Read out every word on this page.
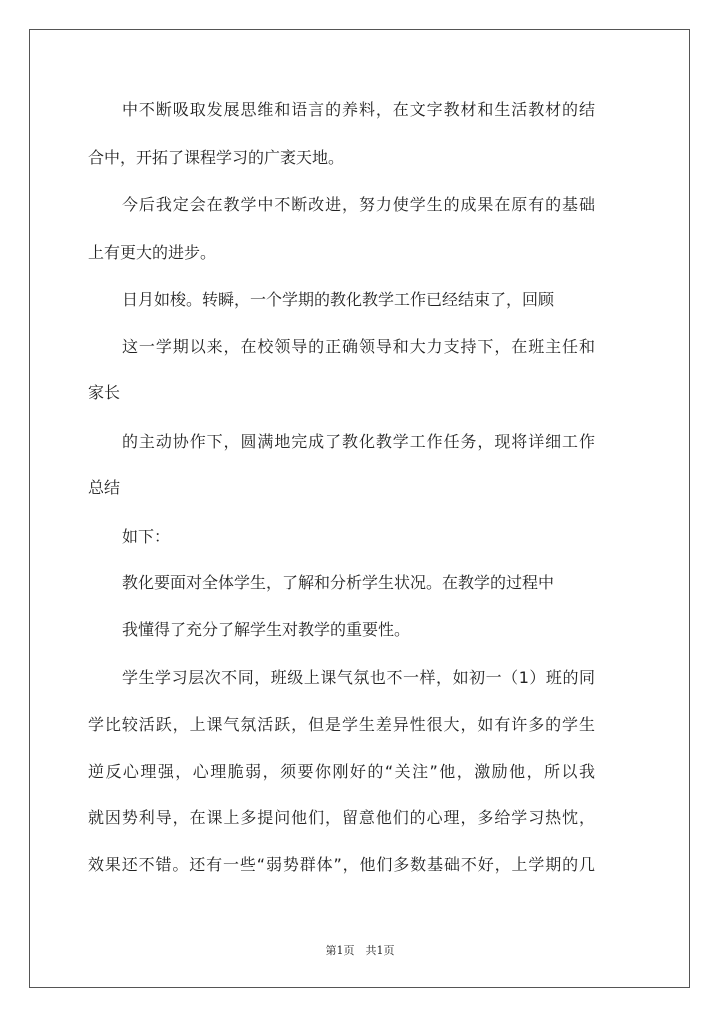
中不断吸取发展思维和语言的养料，在文字教材和生活教材的结
合中，开拓了课程学习的广袤天地。
今后我定会在教学中不断改进，努力使学生的成果在原有的基础
上有更大的进步。
日月如梭。转瞬，一个学期的教化教学工作已经结束了，回顾
这一学期以来，在校领导的正确领导和大力支持下，在班主任和
家长
的主动协作下，圆满地完成了教化教学工作任务，现将详细工作
总结
如下：
教化要面对全体学生，了解和分析学生状况。在教学的过程中
我懂得了充分了解学生对教学的重要性。
学生学习层次不同，班级上课气氛也不一样，如初一（1）班的同
学比较活跃，上课气氛活跃，但是学生差异性很大，如有许多的学生
逆反心理强，心理脆弱，须要你刚好的“关注”他，激励他，所以我
就因势利导，在课上多提问他们，留意他们的心理，多给学习热忱，
效果还不错。还有一些“弱势群体”，他们多数基础不好，上学期的几
第1页　共1页
